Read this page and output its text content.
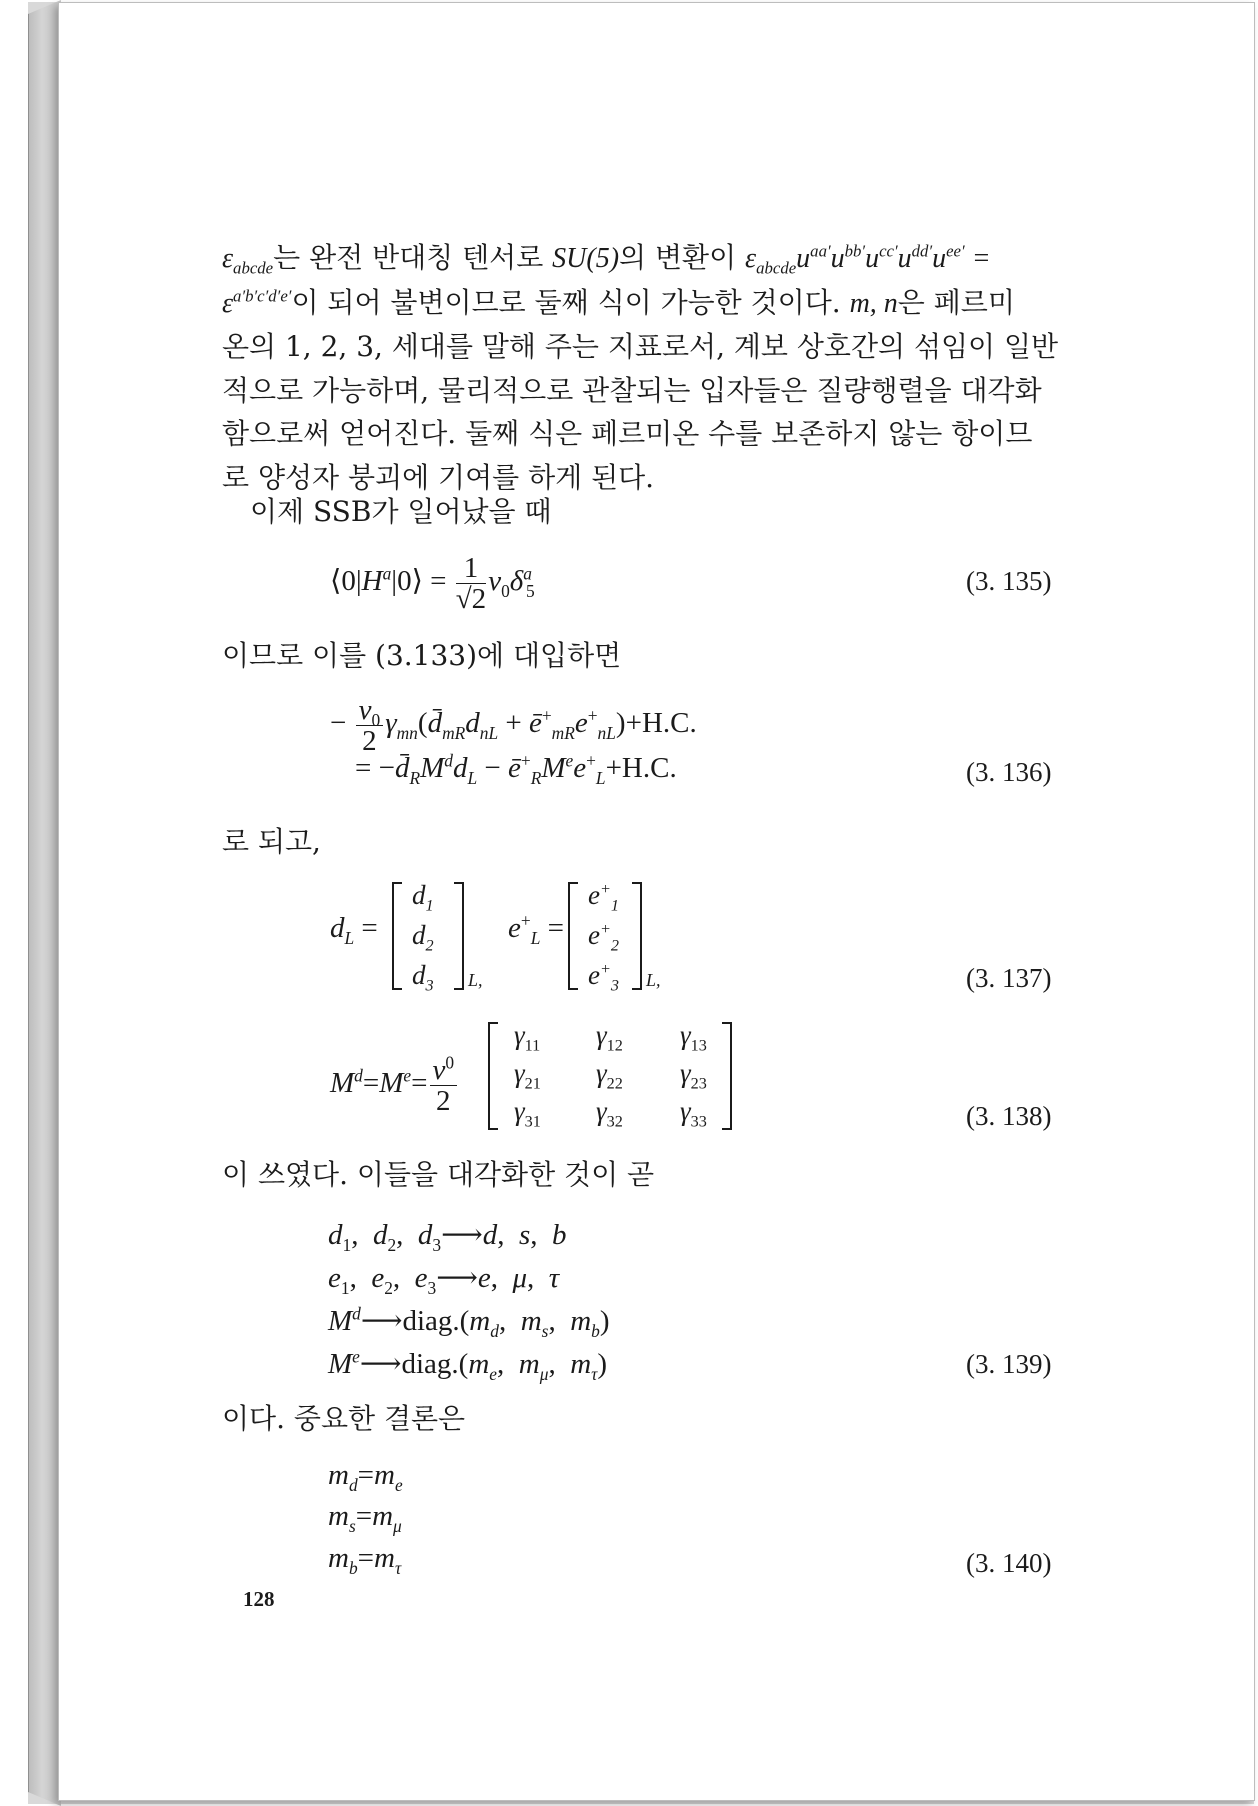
$\varepsilon_{abcde}$는 완전 반대칭 텐서로 SU(5)의 변환이 $\varepsilon_{abcde}u^{aa'}u^{bb'}u^{cc'}u^{dd'}u^{ee'}$ =
$\varepsilon^{a'b'c'd'e'}$이 되어 불변이므로 둘째 식이 가능한 것이다. m, n은 페르미
온의 1, 2, 3, 세대를 말해 주는 지표로서, 계보 상호간의 섞임이 일반
적으로 가능하며, 물리적으로 관찰되는 입자들은 질량행렬을 대각화
함으로써 얻어진다. 둘째 식은 페르미온 수를 보존하지 않는 항이므
로 양성자 붕괴에 기여를 하게 된다.
이제 SSB가 일어났을 때
$⟨0|H^a|0⟩ = \frac{1}{√2} \nu_0\delta^a_5$	(3. 135)
이므로 이를 (3.133)에 대입하면
− $\frac{\nu_0}{2}$ $\gamma_{mn}(d̄_{mR}d_{nL}$ + $ē^+_{mR}e^+_{nL})+H.C$.
= $-d̄_RM^dd_L$ − $ē^+_RM^ee^+_L+H.C$.	(3. 136)
로 되고,
$d_L$ =
$d_1$
$d_2$
$d_3$ L,
$e^+_L$ =
$e^+_1$
$e^+_2$
$e^+_3$ L,	(3. 137)
$M^d=M^e= \frac{\nu^0}{2}$
$\gamma_{11}$ $\gamma_{12}$ $\gamma_{13}$
$\gamma_{21}$ $\gamma_{22}$ $\gamma_{23}$
$\gamma_{31}$ $\gamma_{32}$ $\gamma_{33}$	(3. 138)
이 쓰였다. 이들을 대각화한 것이 곧
$d_1$,  $d_2$,  $d_3⟶d$,  s,  b
$e_1$,  $e_2$,  $e_3⟶e$,  μ,  τ
$M^d⟶diag.(m_d$,  $m_s$,  $m_b$)
$M^e⟶diag.(m_e$,  $m_\mu$,  $m_\tau$)	(3. 139)
이다. 중요한 결론은
$m_d=m_e$
$m_s=m_\mu$
$m_b=m_\tau$	(3. 140)
128
